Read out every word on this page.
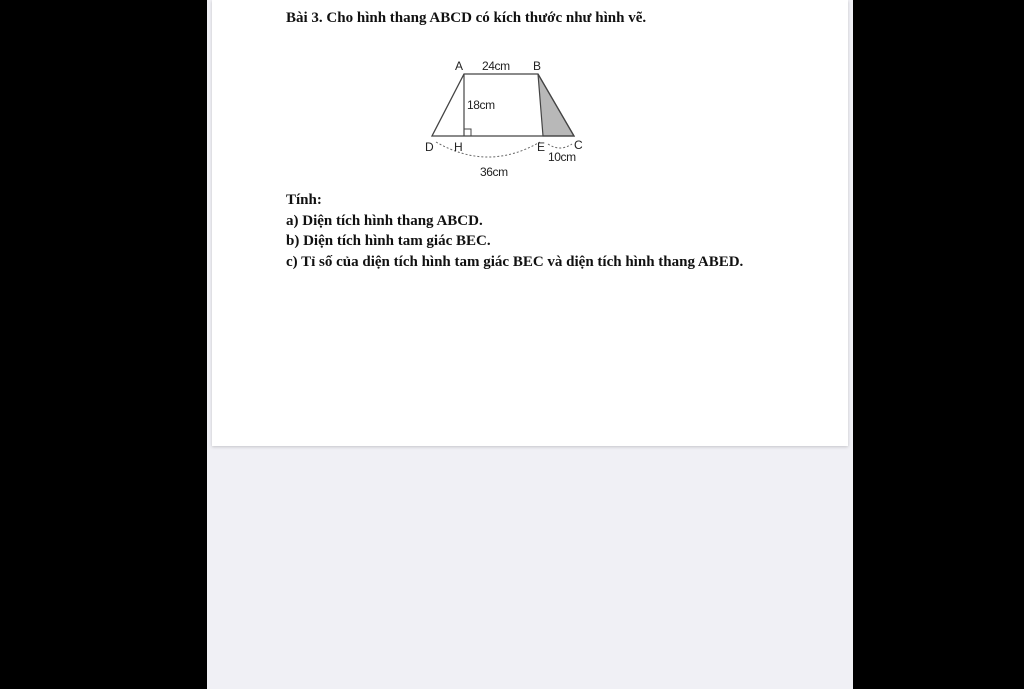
Bài 3. Cho hình thang ABCD có kích thước như hình vẽ.

A 24cm B
18cm
D H	E C
10cm
36cm
Tính:
a) Diện tích hình thang ABCD.
b) Diện tích hình tam giác BEC.
c) Tỉ số của diện tích hình tam giác BEC và diện tích hình thang ABED.
